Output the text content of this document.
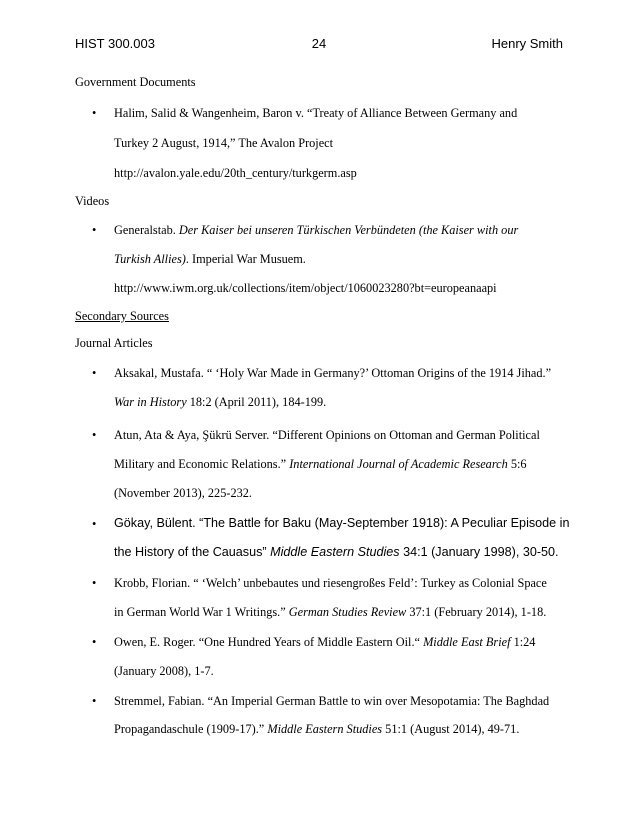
HIST 300.003	24	Henry Smith
Government Documents
• Halim, Salid & Wangenheim, Baron v. “Treaty of Alliance Between Germany and
Turkey 2 August, 1914,” The Avalon Project
http://avalon.yale.edu/20th_century/turkgerm.asp
Videos
• Generalstab. Der Kaiser bei unseren Türkischen Verbündeten (the Kaiser with our
Turkish Allies). Imperial War Musuem.
http://www.iwm.org.uk/collections/item/object/1060023280?bt=europeanaapi
Secondary Sources
Journal Articles
• Aksakal, Mustafa. “ ‘Holy War Made in Germany?’ Ottoman Origins of the 1914 Jihad.”
War in History 18:2 (April 2011), 184-199.
• Atun, Ata & Aya, Şükrü Server. “Different Opinions on Ottoman and German Political
Military and Economic Relations.” International Journal of Academic Research 5:6
(November 2013), 225-232.
• Gökay, Bülent. “The Battle for Baku (May-September 1918): A Peculiar Episode in
the History of the Cauasus” Middle Eastern Studies 34:1 (January 1998), 30-50.
• Krobb, Florian. “ ‘Welch’ unbebautes und riesengroßes Feld’: Turkey as Colonial Space
in German World War 1 Writings.” German Studies Review 37:1 (February 2014), 1-18.
• Owen, E. Roger. “One Hundred Years of Middle Eastern Oil.“ Middle East Brief 1:24
(January 2008), 1-7.
• Stremmel, Fabian. “An Imperial German Battle to win over Mesopotamia: The Baghdad
Propagandaschule (1909-17).” Middle Eastern Studies 51:1 (August 2014), 49-71.
